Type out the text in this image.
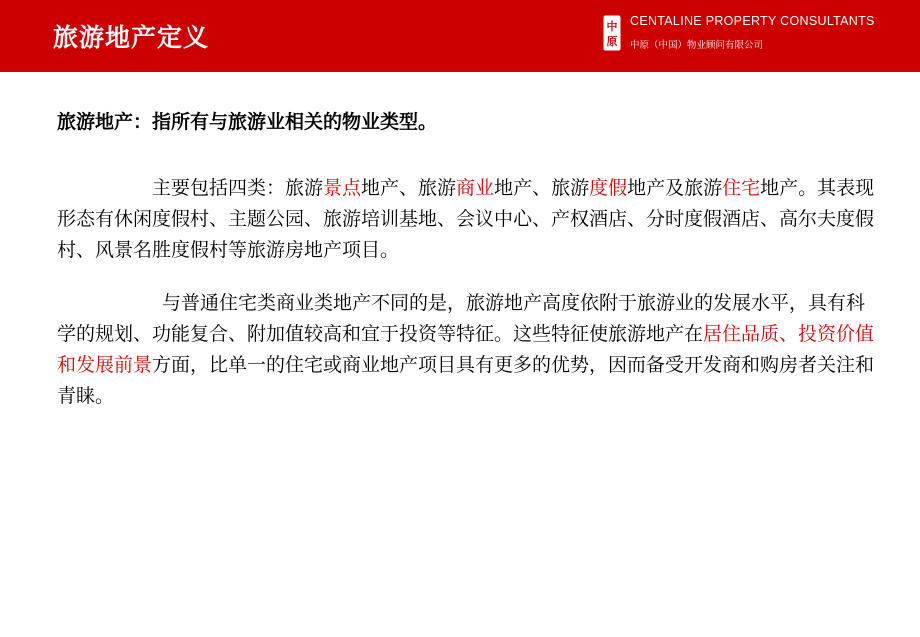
旅游地产定义	中
原
CENTALINE PROPERTY CONSULTANTS
中原（中国）物业顾问有限公司

旅游地产：指所有与旅游业相关的物业类型。

主要包括四类：旅游景点地产、旅游商业地产、旅游度假地产及旅游住宅地产。其表现形态有休闲度假村、主题公园、旅游培训基地、会议中心、产权酒店、分时度假酒店、高尔夫度假村、风景名胜度假村等旅游房地产项目。

与普通住宅类商业类地产不同的是，旅游地产高度依附于旅游业的发展水平，具有科学的规划、功能复合、附加值较高和宜于投资等特征。这些特征使旅游地产在居住品质、投资价值和发展前景方面，比单一的住宅或商业地产项目具有更多的优势，因而备受开发商和购房者关注和青睐。
